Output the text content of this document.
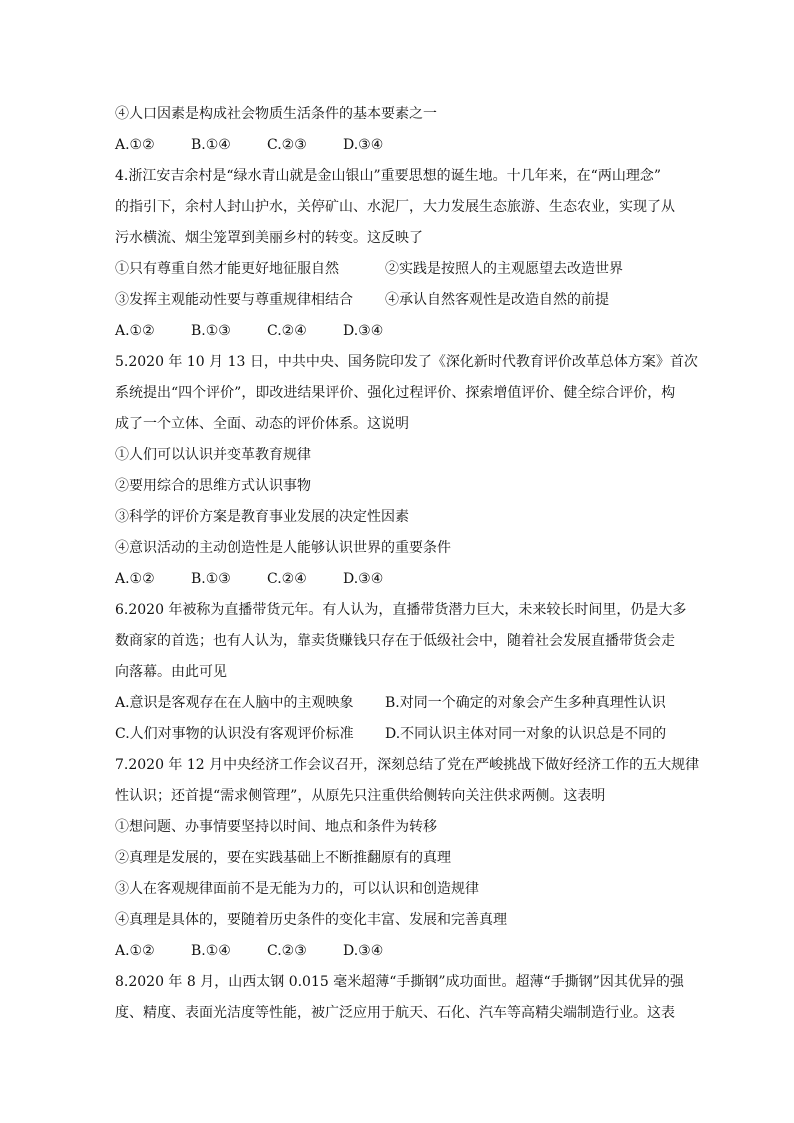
④人口因素是构成社会物质生活条件的基本要素之一
A.①②	B.①④	C.②③	D.③④
4.浙江安吉余村是“绿水青山就是金山银山”重要思想的诞生地。十几年来，在“两山理念”
的指引下，余村人封山护水，关停矿山、水泥厂，大力发展生态旅游、生态农业，实现了从
污水横流、烟尘笼罩到美丽乡村的转变。这反映了
①只有尊重自然才能更好地征服自然	②实践是按照人的主观愿望去改造世界
③发挥主观能动性要与尊重规律相结合	④承认自然客观性是改造自然的前提
A.①②	B.①③	C.②④	D.③④
5.2020 年 10 月 13 日，中共中央、国务院印发了《深化新时代教育评价改革总体方案》首次
系统提出“四个评价”，即改进结果评价、强化过程评价、探索增值评价、健全综合评价，构
成了一个立体、全面、动态的评价体系。这说明
①人们可以认识并变革教育规律
②要用综合的思维方式认识事物
③科学的评价方案是教育事业发展的决定性因素
④意识活动的主动创造性是人能够认识世界的重要条件
A.①②	B.①③	C.②④	D.③④
6.2020 年被称为直播带货元年。有人认为，直播带货潜力巨大，未来较长时间里，仍是大多
数商家的首选；也有人认为，靠卖货赚钱只存在于低级社会中，随着社会发展直播带货会走
向落幕。由此可见
A.意识是客观存在在人脑中的主观映象	B.对同一个确定的对象会产生多种真理性认识
C.人们对事物的认识没有客观评价标准	D.不同认识主体对同一对象的认识总是不同的
7.2020 年 12 月中央经济工作会议召开，深刻总结了党在严峻挑战下做好经济工作的五大规律
性认识；还首提“需求侧管理”，从原先只注重供给侧转向关注供求两侧。这表明
①想问题、办事情要坚持以时间、地点和条件为转移
②真理是发展的，要在实践基础上不断推翻原有的真理
③人在客观规律面前不是无能为力的，可以认识和创造规律
④真理是具体的，要随着历史条件的变化丰富、发展和完善真理
A.①②	B.①④	C.②③	D.③④
8.2020 年 8 月，山西太钢 0.015 毫米超薄“手撕钢”成功面世。超薄“手撕钢”因其优异的强
度、精度、表面光洁度等性能，被广泛应用于航天、石化、汽车等高精尖端制造行业。这表
